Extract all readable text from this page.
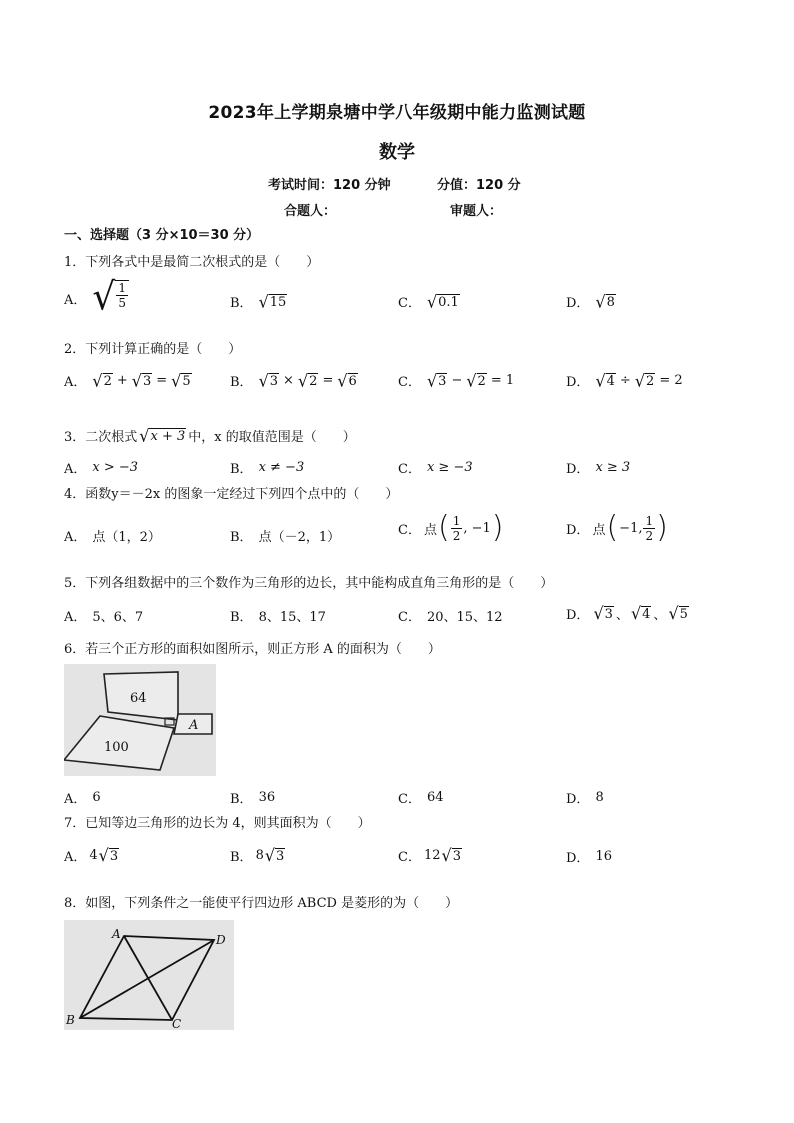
2023年上学期泉塘中学八年级期中能力监测试题
数学
考试时间：120 分钟	分值：120 分
合题人：	审题人：
一、选择题（3 分×10＝30 分）
1．下列各式中是最简二次根式的是（　　）
A． √ $\frac{1}{5}$	B． √ 15	C． √ 0.1	D． √ 8
2．下列计算正确的是（　　）
A． √ 2 + √ 3 = √ 5	B． √ 3 × √ 2 = √ 6	C． √ 3 − √ 2 = 1	D． √ 4 ÷ √ 2 = 2
3．二次根式 √ x + 3 中，x 的取值范围是（　　）
A． x > −3	B． x ≠ −3	C． x ≥ −3	D． x ≥ 3
4．函数y＝－2x 的图象一定经过下列四个点中的（　　）
A． 点（1，2）	B． 点（－2，1）	C． 点 ( $\frac{1}{2}$ , −1 )	D． 点 ( −1, $\frac{1}{2}$ )
5．下列各组数据中的三个数作为三角形的边长，其中能构成直角三角形的是（　　）
A． 5、6、7	B． 8、15、17	C． 20、15、12	D． √ 3 、 √ 4 、 √ 5
6．若三个正方形的面积如图所示，则正方形 A 的面积为（　　）
64
100
A
A． 6	B． 36	C． 64	D． 8
7．已知等边三角形的边长为 4，则其面积为（　　）
A． 4 √ 3	B． 8 √ 3	C． 12 √ 3	D． 16
8．如图，下列条件之一能使平行四边形 ABCD 是菱形的为（　　）
A	D
B	C
